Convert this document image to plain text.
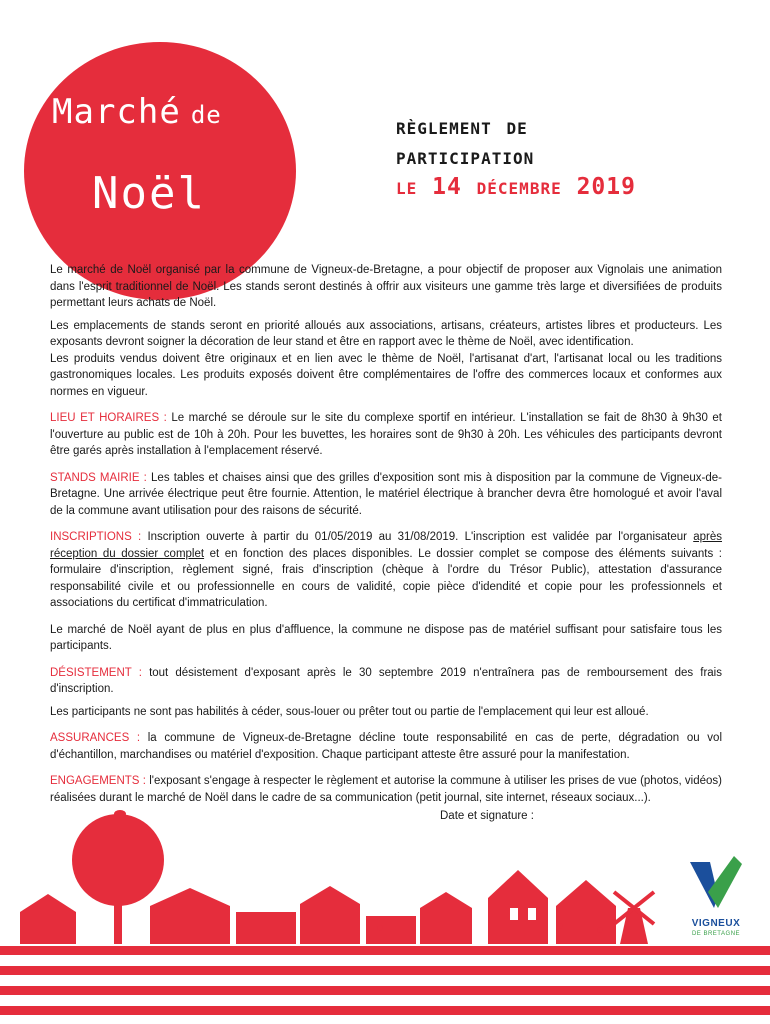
Marché de
Noël
règlement de
participation
le 14 décembre 2019

Le marché de Noël organisé par la commune de Vigneux-de-Bretagne, a pour objectif de proposer aux Vignolais une animation dans l'esprit traditionnel de Noël. Les stands seront destinés à offrir aux visiteurs une gamme très large et diversifiées de produits permettant leurs achats de Noël.

Les emplacements de stands seront en priorité alloués aux associations, artisans, créateurs, artistes libres et producteurs. Les exposants devront soigner la décoration de leur stand et être en rapport avec le thème de Noël, avec identification.

Les produits vendus doivent être originaux et en lien avec le thème de Noël, l'artisanat d'art, l'artisanat local ou les traditions gastronomiques locales. Les produits exposés doivent être complémentaires de l'offre des commerces locaux et conformes aux normes en vigueur.

LIEU ET HORAIRES : Le marché se déroule sur le site du complexe sportif en intérieur. L'installation se fait de 8h30 à 9h30 et l'ouverture au public est de 10h à 20h. Pour les buvettes, les horaires sont de 9h30 à 20h. Les véhicules des participants devront être garés après installation à l'emplacement réservé.

STANDS MAIRIE : Les tables et chaises ainsi que des grilles d'exposition sont mis à disposition par la commune de Vigneux-de-Bretagne. Une arrivée électrique peut être fournie. Attention, le matériel électrique à brancher devra être homologué et avoir l'aval de la commune avant utilisation pour des raisons de sécurité.

INSCRIPTIONS : Inscription ouverte à partir du 01/05/2019 au 31/08/2019. L'inscription est validée par l'organisateur après réception du dossier complet et en fonction des places disponibles. Le dossier complet se compose des éléments suivants : formulaire d'inscription, règlement signé, frais d'inscription (chèque à l'ordre du Trésor Public), attestation d'assurance responsabilité civile et ou professionnelle en cours de validité, copie pièce d'idendité et copie pour les professionnels et associations du certificat d'immatriculation.

Le marché de Noël ayant de plus en plus d'affluence, la commune ne dispose pas de matériel suffisant pour satisfaire tous les participants.

DÉSISTEMENT : tout désistement d'exposant après le 30 septembre 2019 n'entraînera pas de remboursement des frais d'inscription.

Les participants ne sont pas habilités à céder, sous-louer ou prêter tout ou partie de l'emplacement qui leur est alloué.

ASSURANCES : la commune de Vigneux-de-Bretagne décline toute responsabilité en cas de perte, dégradation ou vol d'échantillon, marchandises ou matériel d'exposition. Chaque participant atteste être assuré pour la manifestation.

ENGAGEMENTS : l'exposant s'engage à respecter le règlement et autorise la commune à utiliser les prises de vue (photos, vidéos) réalisées durant le marché de Noël dans le cadre de sa communication (petit journal, site internet, réseaux sociaux...).

Date et signature :
VIGNEUX
DE BRETAGNE
